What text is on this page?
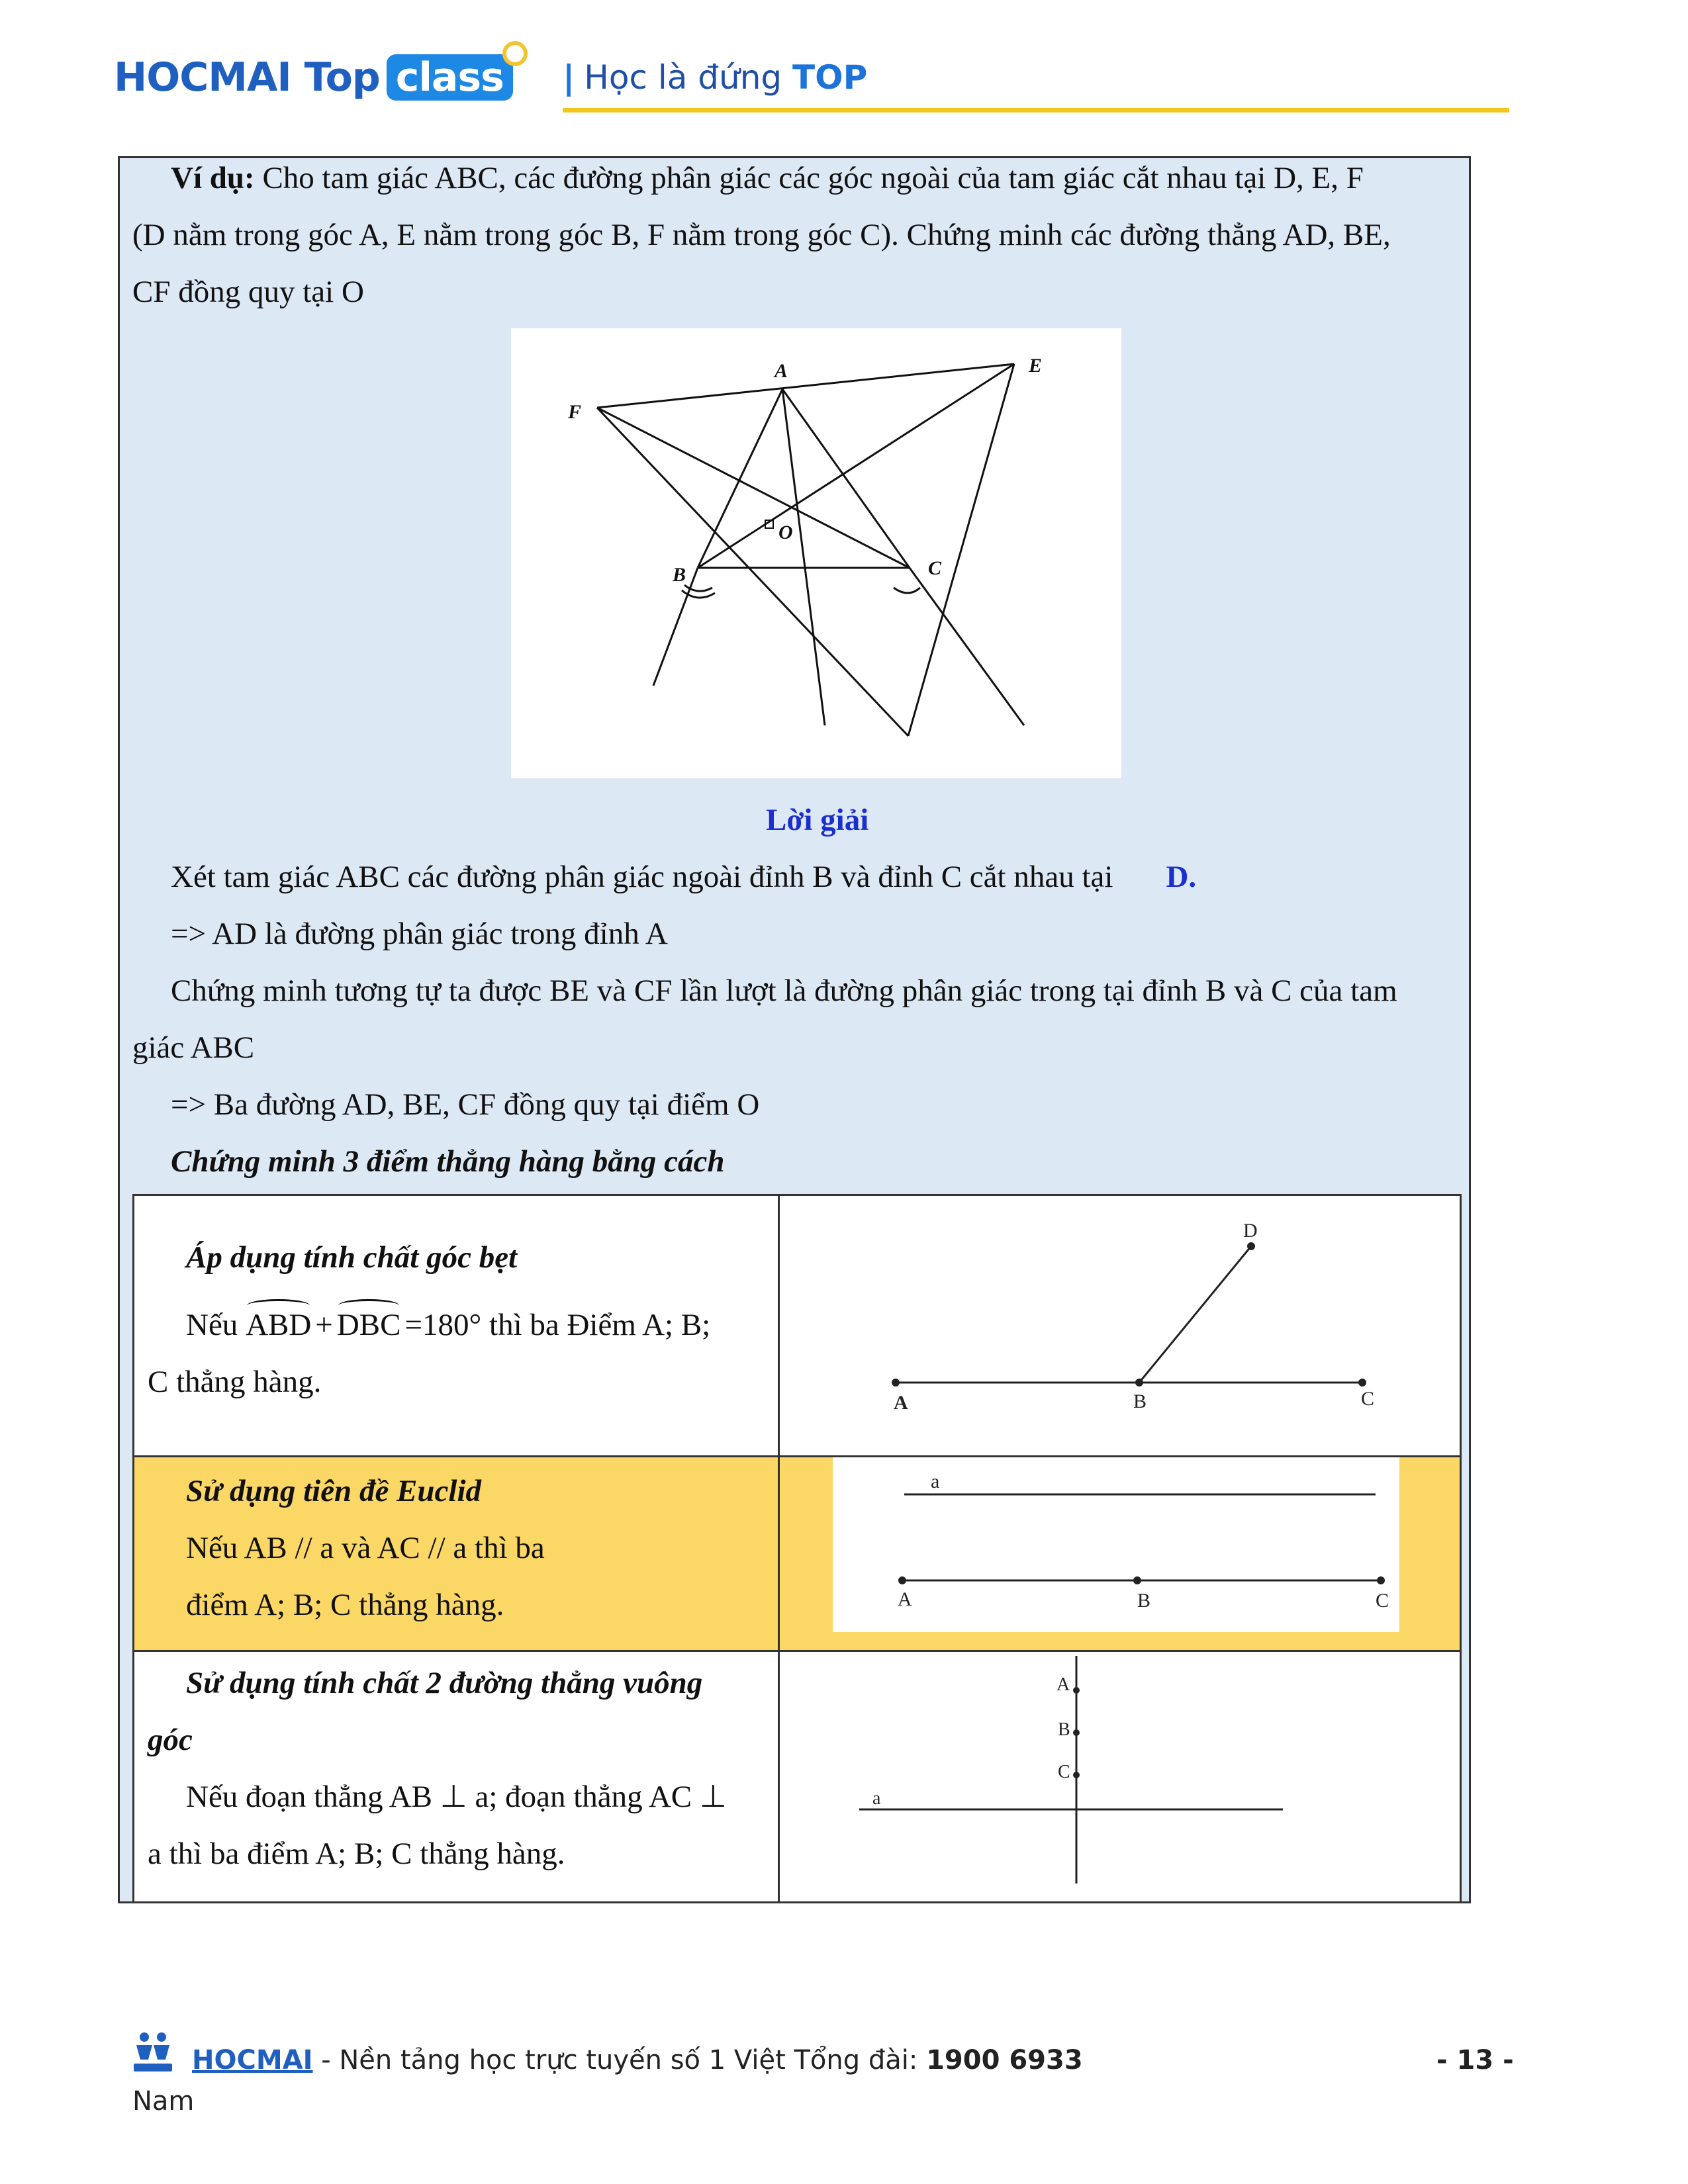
HOCMAI Top class | Học là đứng TOP
Ví dụ: Cho tam giác ABC, các đường phân giác các góc ngoài của tam giác cắt nhau tại D, E, F
(D nằm trong góc A, E nằm trong góc B, F nằm trong góc C). Chứng minh các đường thẳng AD, BE,
CF đồng quy tại O
A	E
F
O
B	C
Lời giải
Xét tam giác ABC các đường phân giác ngoài đỉnh B và đỉnh C cắt nhau tại D.
=> AD là đường phân giác trong đỉnh A
Chứng minh tương tự ta được BE và CF lần lượt là đường phân giác trong tại đỉnh B và C của tam
giác ABC
=> Ba đường AD, BE, CF đồng quy tại điểm O
Chứng minh 3 điểm thẳng hàng bằng cách
Áp dụng tính chất góc bẹt
Nếu
ABD + DBC =180° thì ba Điểm A; B;
C thẳng hàng.
A	B	C
D
Sử dụng tiên đề Euclid
Nếu AB // a và AC // a thì ba
điểm A; B; C thẳng hàng.
a
A	B	C
Sử dụng tính chất 2 đường thẳng vuông
góc
Nếu đoạn thẳng AB ⊥ a; đoạn thẳng AC ⊥
a thì ba điểm A; B; C thẳng hàng.
a
A
B
C
HOCMAI - Nền tảng học trực tuyến số 1 Việt Tổng đài: 1900 6933	- 13 -
Nam
